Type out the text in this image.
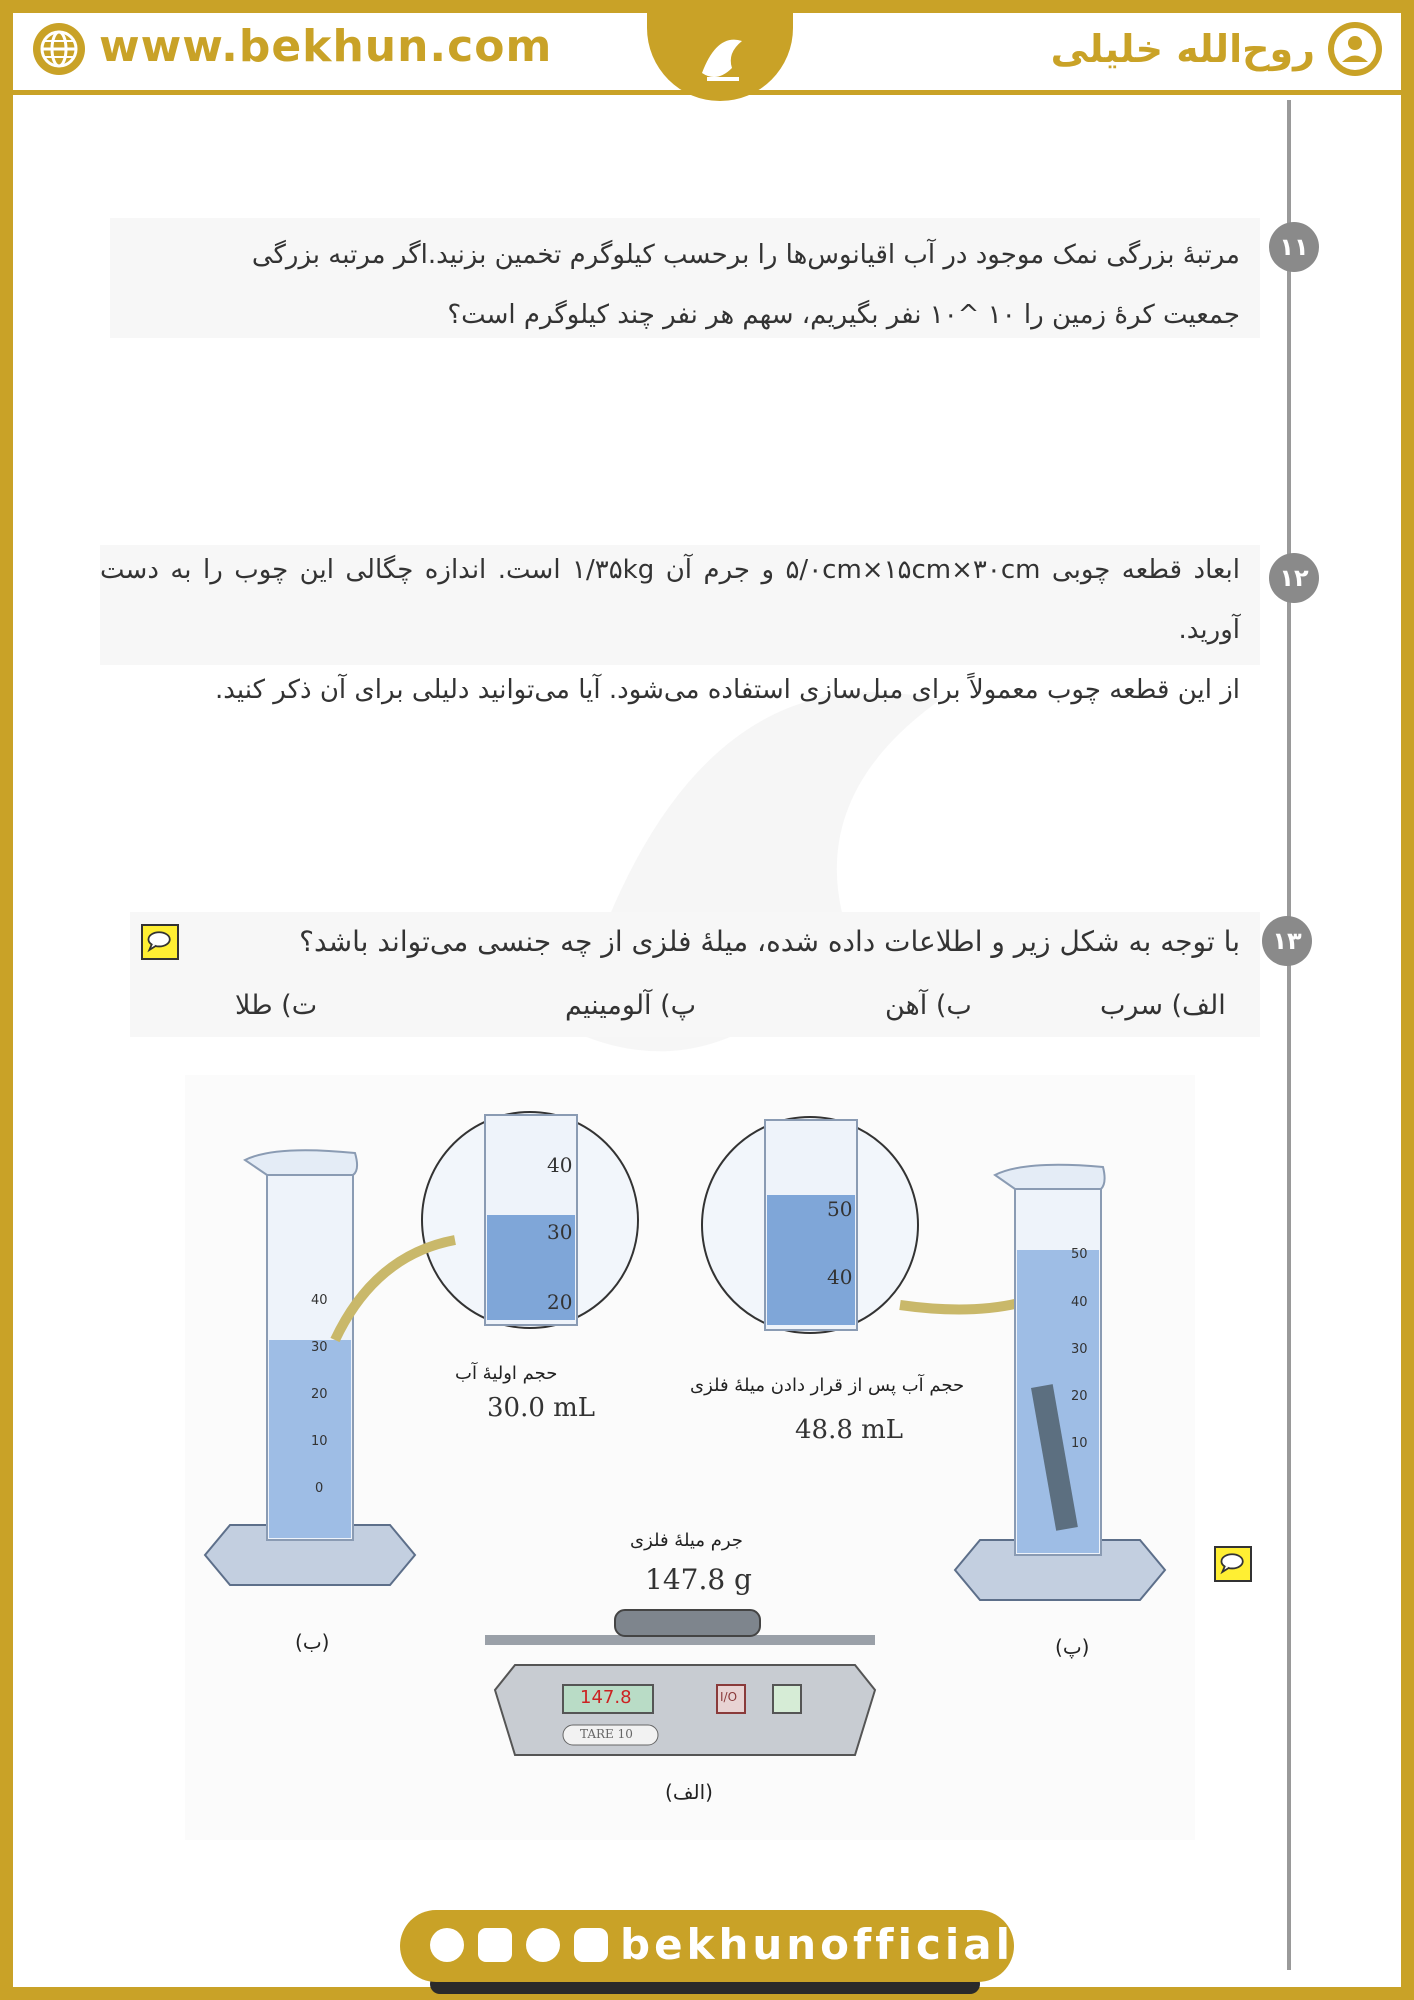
www.bekhun.com	روح‌الله خلیلی
۱۱
مرتبهٔ بزرگی نمک موجود در آب اقیانوس‌ها را برحسب کیلوگرم تخمین بزنید.اگر مرتبه بزرگی
جمعیت کرهٔ زمین را ۱۰ ^۱۰ نفر بگیریم، سهم هر نفر چند کیلوگرم است؟
۱۲
ابعاد قطعه چوبی ۵/۰cm×۱۵cm×۳۰cm و جرم آن ۱/۳۵kg است. اندازه چگالی این چوب را به دست آورید.
از این قطعه چوب معمولاً برای مبل‌سازی استفاده می‌شود. آیا می‌توانید دلیلی برای آن ذکر کنید.
۱۳
با توجه به شکل زیر و اطلاعات داده شده، میلهٔ فلزی از چه جنسی می‌تواند باشد؟
الف) سرب
ب) آهن
پ) آلومینیم
ت) طلا
حجم اولیهٔ آب
30.0 mL
حجم آب پس از قرار دادن میلهٔ فلزی
48.8 mL
جرم میلهٔ فلزی
147.8 g
147.8	I/O
TARE 10
(ب)	(پ)
(الف)
40
30
20
50
40
40
30
20
10
0
50
40
30
20
10
bekhunofficial
